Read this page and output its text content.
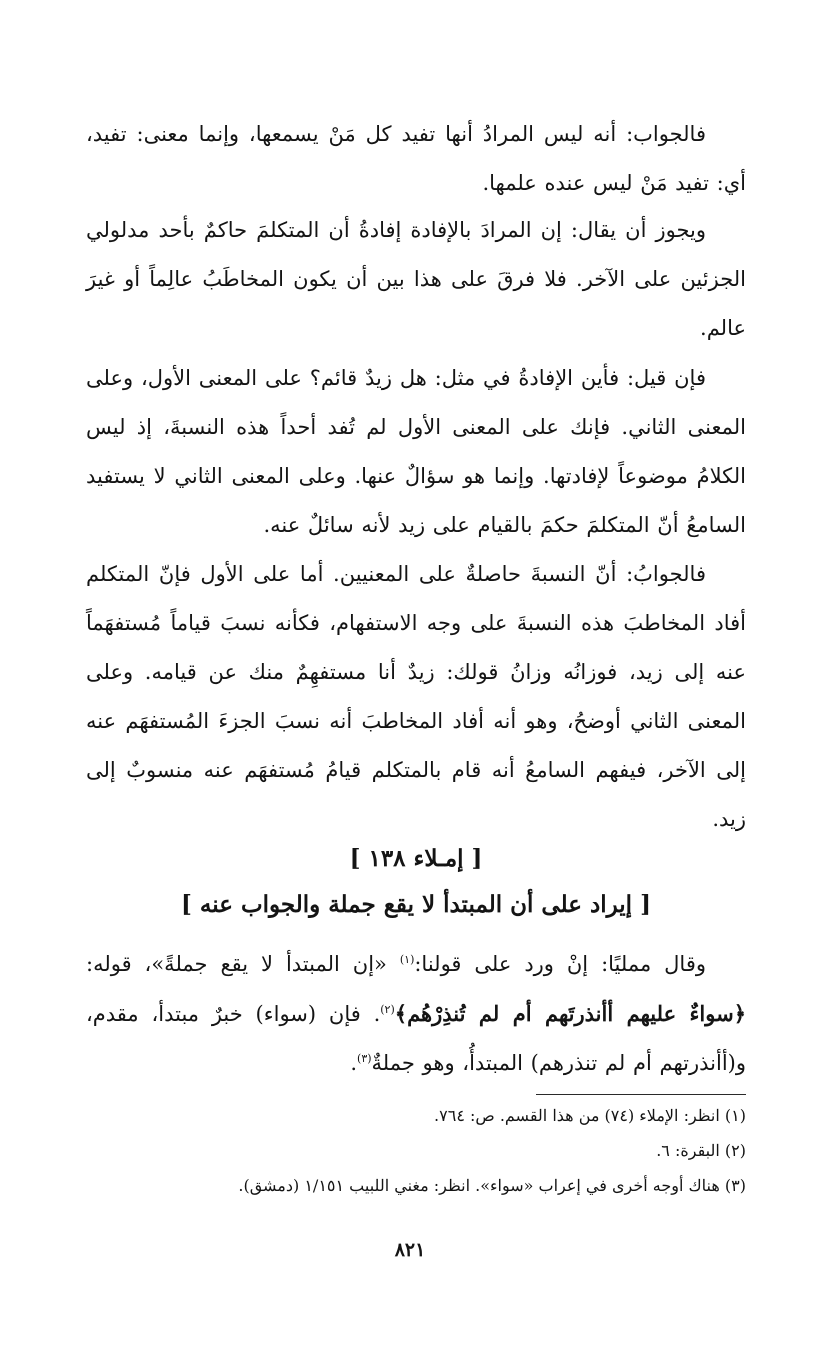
فالجواب: أنه ليس المرادُ أنها تفيد كل مَنْ يسمعها، وإنما معنى: تفيد، أي: تفيد مَنْ ليس عنده علمها.

ويجوز أن يقال: إن المرادَ بالإفادة إفادةُ أن المتكلمَ حاكمٌ بأحد مدلولي الجزئين على الآخر. فلا فرقَ على هذا بين أن يكون المخاطَبُ عالِماً أو غيرَ عالم.

فإن قيل: فأين الإفادةُ في مثل: هل زيدٌ قائم؟ على المعنى الأول، وعلى المعنى الثاني. فإنك على المعنى الأول لم تُفد أحداً هذه النسبةَ، إذ ليس الكلامُ موضوعاً لإفادتها. وإنما هو سؤالٌ عنها. وعلى المعنى الثاني لا يستفيد السامعُ أنّ المتكلمَ حكمَ بالقيام على زيد لأنه سائلٌ عنه.

فالجوابُ: أنّ النسبةَ حاصلةٌ على المعنيين. أما على الأول فإنّ المتكلم أفاد المخاطبَ هذه النسبةَ على وجه الاستفهام، فكأنه نسبَ قياماً مُستفهَماً عنه إلى زيد، فوزانُه وزانُ قولك: زيدٌ أنا مستفهِمٌ منك عن قيامه. وعلى المعنى الثاني أوضحُ، وهو أنه أفاد المخاطبَ أنه نسبَ الجزءَ المُستفهَم عنه إلى الآخر، فيفهم السامعُ أنه قام بالمتكلم قيامُ مُستفهَم عنه منسوبٌ إلى زيد.

[ إمـلاء ١٣٨ ]
[ إيراد على أن المبتدأ لا يقع جملة والجواب عنه ]

وقال ممليًا: إنْ ورد على قولنا:$^{(١)}$ «إن المبتدأ لا يقع جملةً»، قوله: ﴿سواءٌ عليهم أأنذرتَهم أم لم تُنذِرْهُم﴾$^{(٢)}$. فإن (سواء) خبرٌ مبتدأ، مقدم، و(أأنذرتهم أم لم تنذرهم) المبتدأُ، وهو جملةٌ$^{(٣)}$.

(١) انظر: الإملاء (٧٤) من هذا القسم. ص: ٧٦٤.
(٢) البقرة: ٦.
(٣) هناك أوجه أخرى في إعراب «سواء». انظر: مغني اللبيب ١/١٥١ (دمشق).
٨٢١
